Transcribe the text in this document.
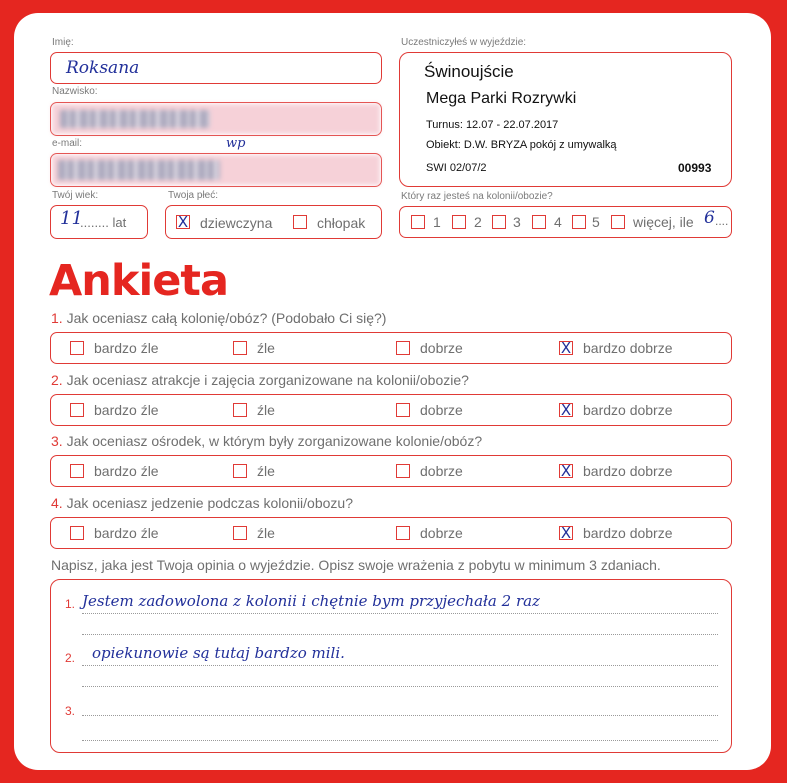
Imię:
Roksana
Nazwisko:
e-mail:	wp
Twój wiek:
11
........ lat
Twoja płeć:
X dziewczyna	chłopak
Uczestniczyłeś w wyjeździe:
Świnoujście
Mega Parki Rozrywki
Turnus: 12.07 - 22.07.2017
Obiekt: D.W. BRYZA pokój z umywalką
SWI 02/07/2	00993
Który raz jesteś na kolonii/obozie?
1 2 3 4 5 więcej, ile 6 ....
Ankieta
1. Jak oceniasz całą kolonię/obóz? (Podobało Ci się?)
bardzo źle	źle	dobrze	X bardzo dobrze
2. Jak oceniasz atrakcje i zajęcia zorganizowane na kolonii/obozie?
bardzo źle	źle	dobrze	X bardzo dobrze
3. Jak oceniasz ośrodek, w którym były zorganizowane kolonie/obóz?
bardzo źle	źle	dobrze	X bardzo dobrze
4. Jak oceniasz jedzenie podczas kolonii/obozu?
bardzo źle	źle	dobrze	X bardzo dobrze
Napisz, jaka jest Twoja opinia o wyjeździe. Opisz swoje wrażenia z pobytu w minimum 3 zdaniach.
1. Jestem zadowolona z kolonii i chętnie bym przyjechała 2 raz
2. opiekunowie są tutaj bardzo mili.
3.
